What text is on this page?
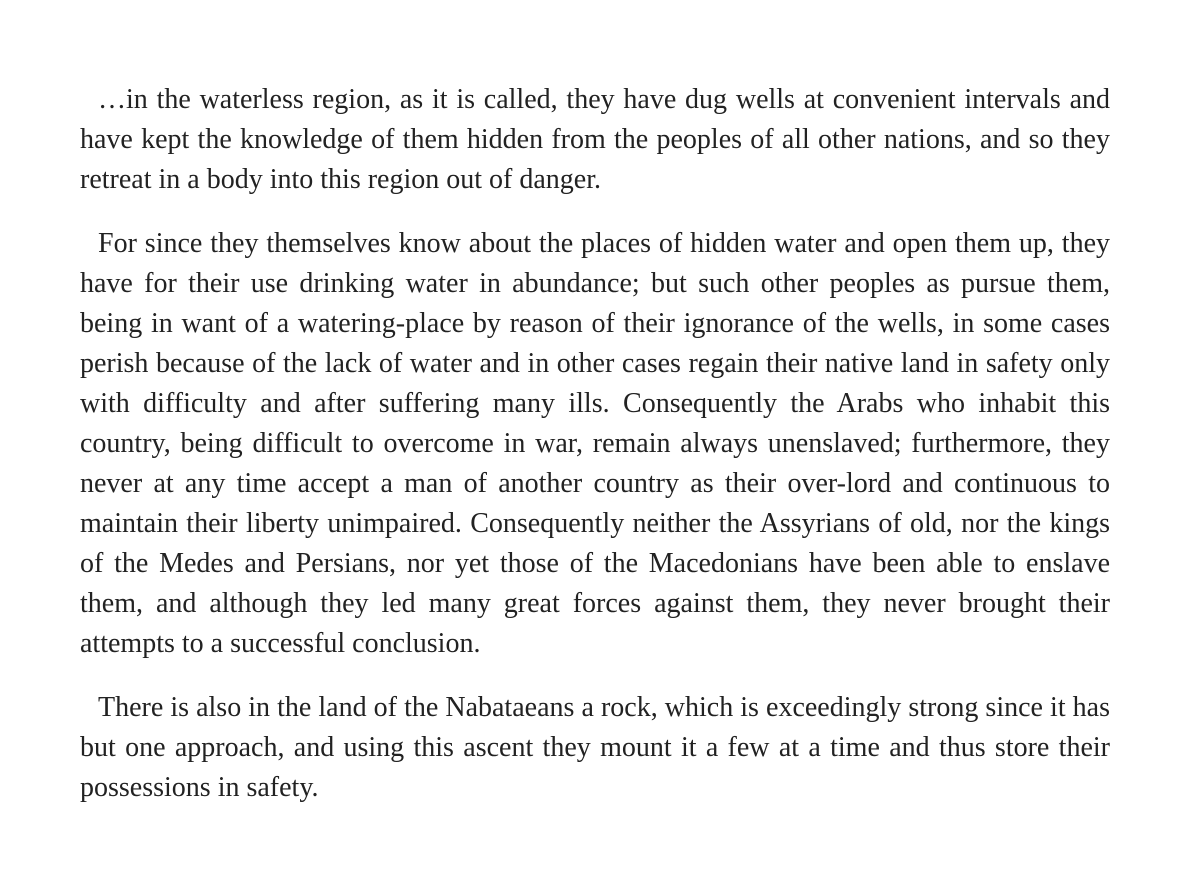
…in the waterless region, as it is called, they have dug wells at convenient intervals and have kept the knowledge of them hidden from the peoples of all other nations, and so they retreat in a body into this region out of danger.

For since they themselves know about the places of hidden water and open them up, they have for their use drinking water in abundance; but such other peoples as pursue them, being in want of a watering-place by reason of their ignorance of the wells, in some cases perish because of the lack of water and in other cases regain their native land in safety only with difficulty and after suffering many ills. Consequently the Arabs who inhabit this country, being difficult to overcome in war, remain always unenslaved; furthermore, they never at any time accept a man of another country as their over-lord and continuous to maintain their liberty unimpaired. Consequently neither the Assyrians of old, nor the kings of the Medes and Persians, nor yet those of the Macedonians have been able to enslave them, and although they led many great forces against them, they never brought their attempts to a successful conclusion.

There is also in the land of the Nabataeans a rock, which is exceedingly strong since it has but one approach, and using this ascent they mount it a few at a time and thus store their possessions in safety.
